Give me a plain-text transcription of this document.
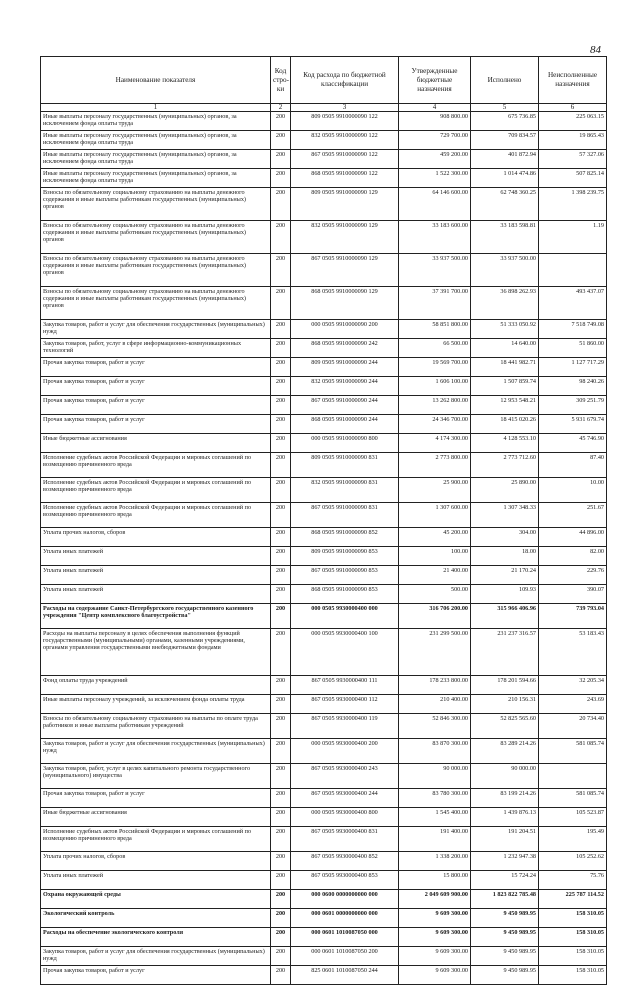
84
Наименование показателя	Код стро-ки	Код расхода по бюджетной классификации	Утвержденные бюджетные назначения	Исполнено	Неисполненные назначения
1	2	3	4	5	6
Иные выплаты персоналу государственных (муниципальных) органов, за исключением фонда оплаты труда	200	809 0505 9910000090 122	908 800.00	675 736.85	225 063.15
Иные выплаты персоналу государственных (муниципальных) органов, за исключением фонда оплаты труда	200	832 0505 9910000090 122	729 700.00	709 834.57	19 865.43
Иные выплаты персоналу государственных (муниципальных) органов, за исключением фонда оплаты труда	200	867 0505 9910000090 122	459 200.00	401 872.94	57 327.06
Иные выплаты персоналу государственных (муниципальных) органов, за исключением фонда оплаты труда	200	868 0505 9910000090 122	1 522 300.00	1 014 474.86	507 825.14
Взносы по обязательному социальному страхованию на выплаты денежного содержания и иные выплаты работникам государственных (муниципальных) органов	200	809 0505 9910000090 129	64 146 600.00	62 748 360.25	1 398 239.75
Взносы по обязательному социальному страхованию на выплаты денежного содержания и иные выплаты работникам государственных (муниципальных) органов	200	832 0505 9910000090 129	33 183 600.00	33 183 598.81	1.19
Взносы по обязательному социальному страхованию на выплаты денежного содержания и иные выплаты работникам государственных (муниципальных) органов	200	867 0505 9910000090 129	33 937 500.00	33 937 500.00	
Взносы по обязательному социальному страхованию на выплаты денежного содержания и иные выплаты работникам государственных (муниципальных) органов	200	868 0505 9910000090 129	37 391 700.00	36 898 262.93	493 437.07
Закупка товаров, работ и услуг для обеспечения государственных (муниципальных) нужд	200	000 0505 9910000090 200	58 851 800.00	51 333 050.92	7 518 749.08
Закупка товаров, работ, услуг в сфере информационно-коммуникационных технологий	200	868 0505 9910000090 242	66 500.00	14 640.00	51 860.00
Прочая закупка товаров, работ и услуг	200	809 0505 9910000090 244	19 569 700.00	18 441 982.71	1 127 717.29
Прочая закупка товаров, работ и услуг	200	832 0505 9910000090 244	1 606 100.00	1 507 859.74	98 240.26
Прочая закупка товаров, работ и услуг	200	867 0505 9910000090 244	13 262 800.00	12 953 548.21	309 251.79
Прочая закупка товаров, работ и услуг	200	868 0505 9910000090 244	24 346 700.00	18 415 020.26	5 931 679.74
Иные бюджетные ассигнования	200	000 0505 9910000090 800	4 174 300.00	4 128 553.10	45 746.90
Исполнение судебных актов Российской Федерации и мировых соглашений по возмещению причиненного вреда	200	809 0505 9910000090 831	2 773 800.00	2 773 712.60	87.40
Исполнение судебных актов Российской Федерации и мировых соглашений по возмещению причиненного вреда	200	832 0505 9910000090 831	25 900.00	25 890.00	10.00
Исполнение судебных актов Российской Федерации и мировых соглашений по возмещению причиненного вреда	200	867 0505 9910000090 831	1 307 600.00	1 307 348.33	251.67
Уплата прочих налогов, сборов	200	868 0505 9910000090 852	45 200.00	304.00	44 896.00
Уплата иных платежей	200	809 0505 9910000090 853	100.00	18.00	82.00
Уплата иных платежей	200	867 0505 9910000090 853	21 400.00	21 170.24	229.76
Уплата иных платежей	200	868 0505 9910000090 853	500.00	109.93	390.07
Расходы на содержание Санкт-Петербургского государственного казенного учреждения "Центр комплексного благоустройства"	200	000 0505 9930000400 000	316 706 200.00	315 966 406.96	739 793.04
Расходы на выплаты персоналу в целях обеспечения выполнения функций государственными (муниципальными) органами, казенными учреждениями, органами управления государственными внебюджетными фондами	200	000 0505 9930000400 100	231 299 500.00	231 237 316.57	53 183.43
Фонд оплаты труда учреждений	200	867 0505 9930000400 111	178 233 800.00	178 201 594.66	32 205.34
Иные выплаты персоналу учреждений, за исключением фонда оплаты труда	200	867 0505 9930000400 112	210 400.00	210 156.31	243.69
Взносы по обязательному социальному страхованию на выплаты по оплате труда работников и иные выплаты работникам учреждений	200	867 0505 9930000400 119	52 846 300.00	52 825 565.60	20 734.40
Закупка товаров, работ и услуг для обеспечения государственных (муниципальных) нужд	200	000 0505 9930000400 200	83 870 300.00	83 289 214.26	581 085.74
Закупка товаров, работ, услуг в целях капитального ремонта государственного (муниципального) имущества	200	867 0505 9930000400 243	90 000.00	90 000.00	
Прочая закупка товаров, работ и услуг	200	867 0505 9930000400 244	83 780 300.00	83 199 214.26	581 085.74
Иные бюджетные ассигнования	200	000 0505 9930000400 800	1 545 400.00	1 439 876.13	105 523.87
Исполнение судебных актов Российской Федерации и мировых соглашений по возмещению причиненного вреда	200	867 0505 9930000400 831	191 400.00	191 204.51	195.49
Уплата прочих налогов, сборов	200	867 0505 9930000400 852	1 338 200.00	1 232 947.38	105 252.62
Уплата иных платежей	200	867 0505 9930000400 853	15 800.00	15 724.24	75.76
Охрана окружающей среды	200	000 0600 0000000000 000	2 049 609 900.00	1 823 822 785.48	225 787 114.52
Экологический контроль	200	000 0601 0000000000 000	9 609 300.00	9 450 989.95	158 310.05
Расходы на обеспечение экологического контроля	200	000 0601 1010087050 000	9 609 300.00	9 450 989.95	158 310.05
Закупка товаров, работ и услуг для обеспечения государственных (муниципальных) нужд	200	000 0601 1010087050 200	9 609 300.00	9 450 989.95	158 310.05
Прочая закупка товаров, работ и услуг	200	825 0601 1010087050 244	9 609 300.00	9 450 989.95	158 310.05
